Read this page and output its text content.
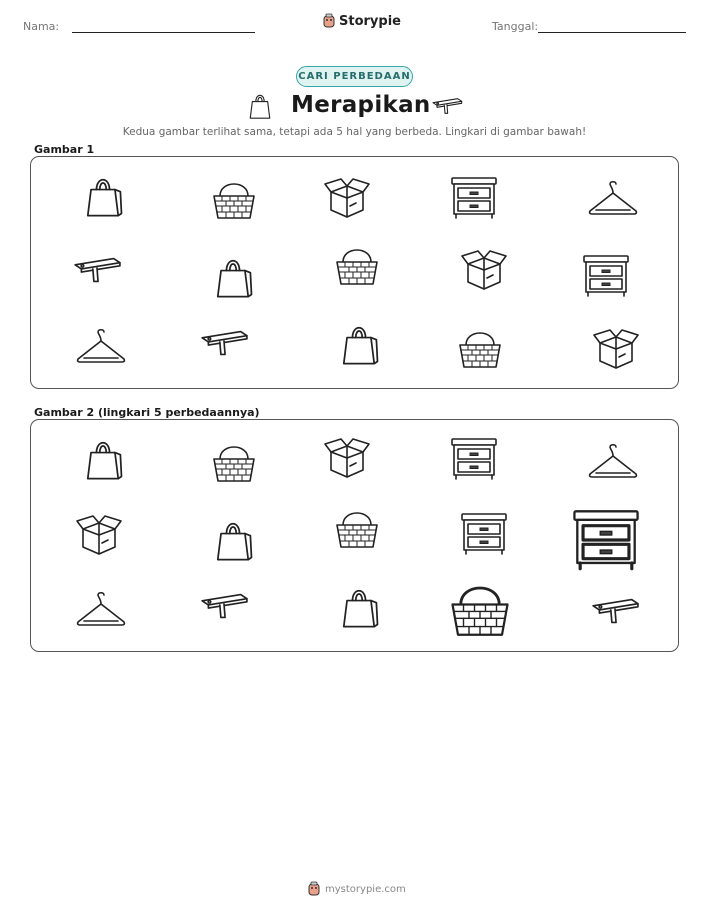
Nama:	Storypie	Tanggal:
CARI PERBEDAAN
Merapikan
Kedua gambar terlihat sama, tetapi ada 5 hal yang berbeda. Lingkari di gambar bawah!
Gambar 1
Gambar 2 (lingkari 5 perbedaannya)
mystorypie.com
